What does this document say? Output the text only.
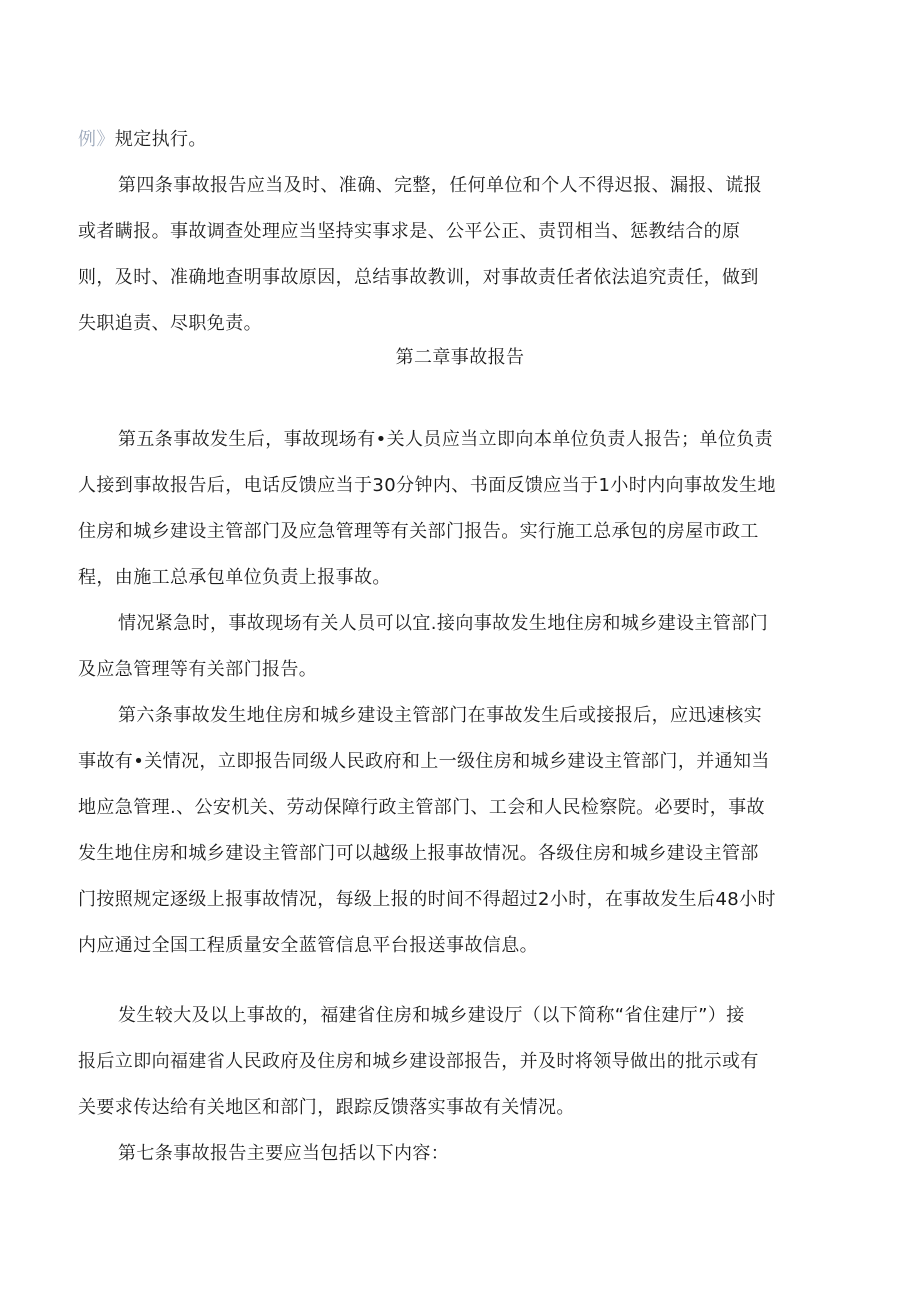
例》规定执行。
第四条事故报告应当及时、准确、完整，任何单位和个人不得迟报、漏报、谎报
或者瞒报。事故调查处理应当坚持实事求是、公平公正、责罚相当、惩教结合的原
则，及时、准确地查明事故原因，总结事故教训，对事故责任者依法追究责任，做到
失职追责、尽职免责。
第二章事故报告
第五条事故发生后，事故现场有•关人员应当立即向本单位负责人报告；单位负责
人接到事故报告后，电话反馈应当于30分钟内、书面反馈应当于1小时内向事故发生地
住房和城乡建设主管部门及应急管理等有关部门报告。实行施工总承包的房屋市政工
程，由施工总承包单位负责上报事故。
情况紧急时，事故现场有关人员可以宜.接向事故发生地住房和城乡建设主管部门
及应急管理等有关部门报告。
第六条事故发生地住房和城乡建设主管部门在事故发生后或接报后，应迅速核实
事故有•关情况，立即报告同级人民政府和上一级住房和城乡建设主管部门，并通知当
地应急管理.、公安机关、劳动保障行政主管部门、工会和人民检察院。必要时，事故
发生地住房和城乡建设主管部门可以越级上报事故情况。各级住房和城乡建设主管部
门按照规定逐级上报事故情况，每级上报的时间不得超过2小时，在事故发生后48小时
内应通过全国工程质量安全蓝管信息平台报送事故信息。
发生较大及以上事故的，福建省住房和城乡建设厅（以下简称“省住建厅”）接
报后立即向福建省人民政府及住房和城乡建设部报告，并及时将领导做出的批示或有
关要求传达给有关地区和部门，跟踪反馈落实事故有关情况。
第七条事故报告主要应当包括以下内容：
